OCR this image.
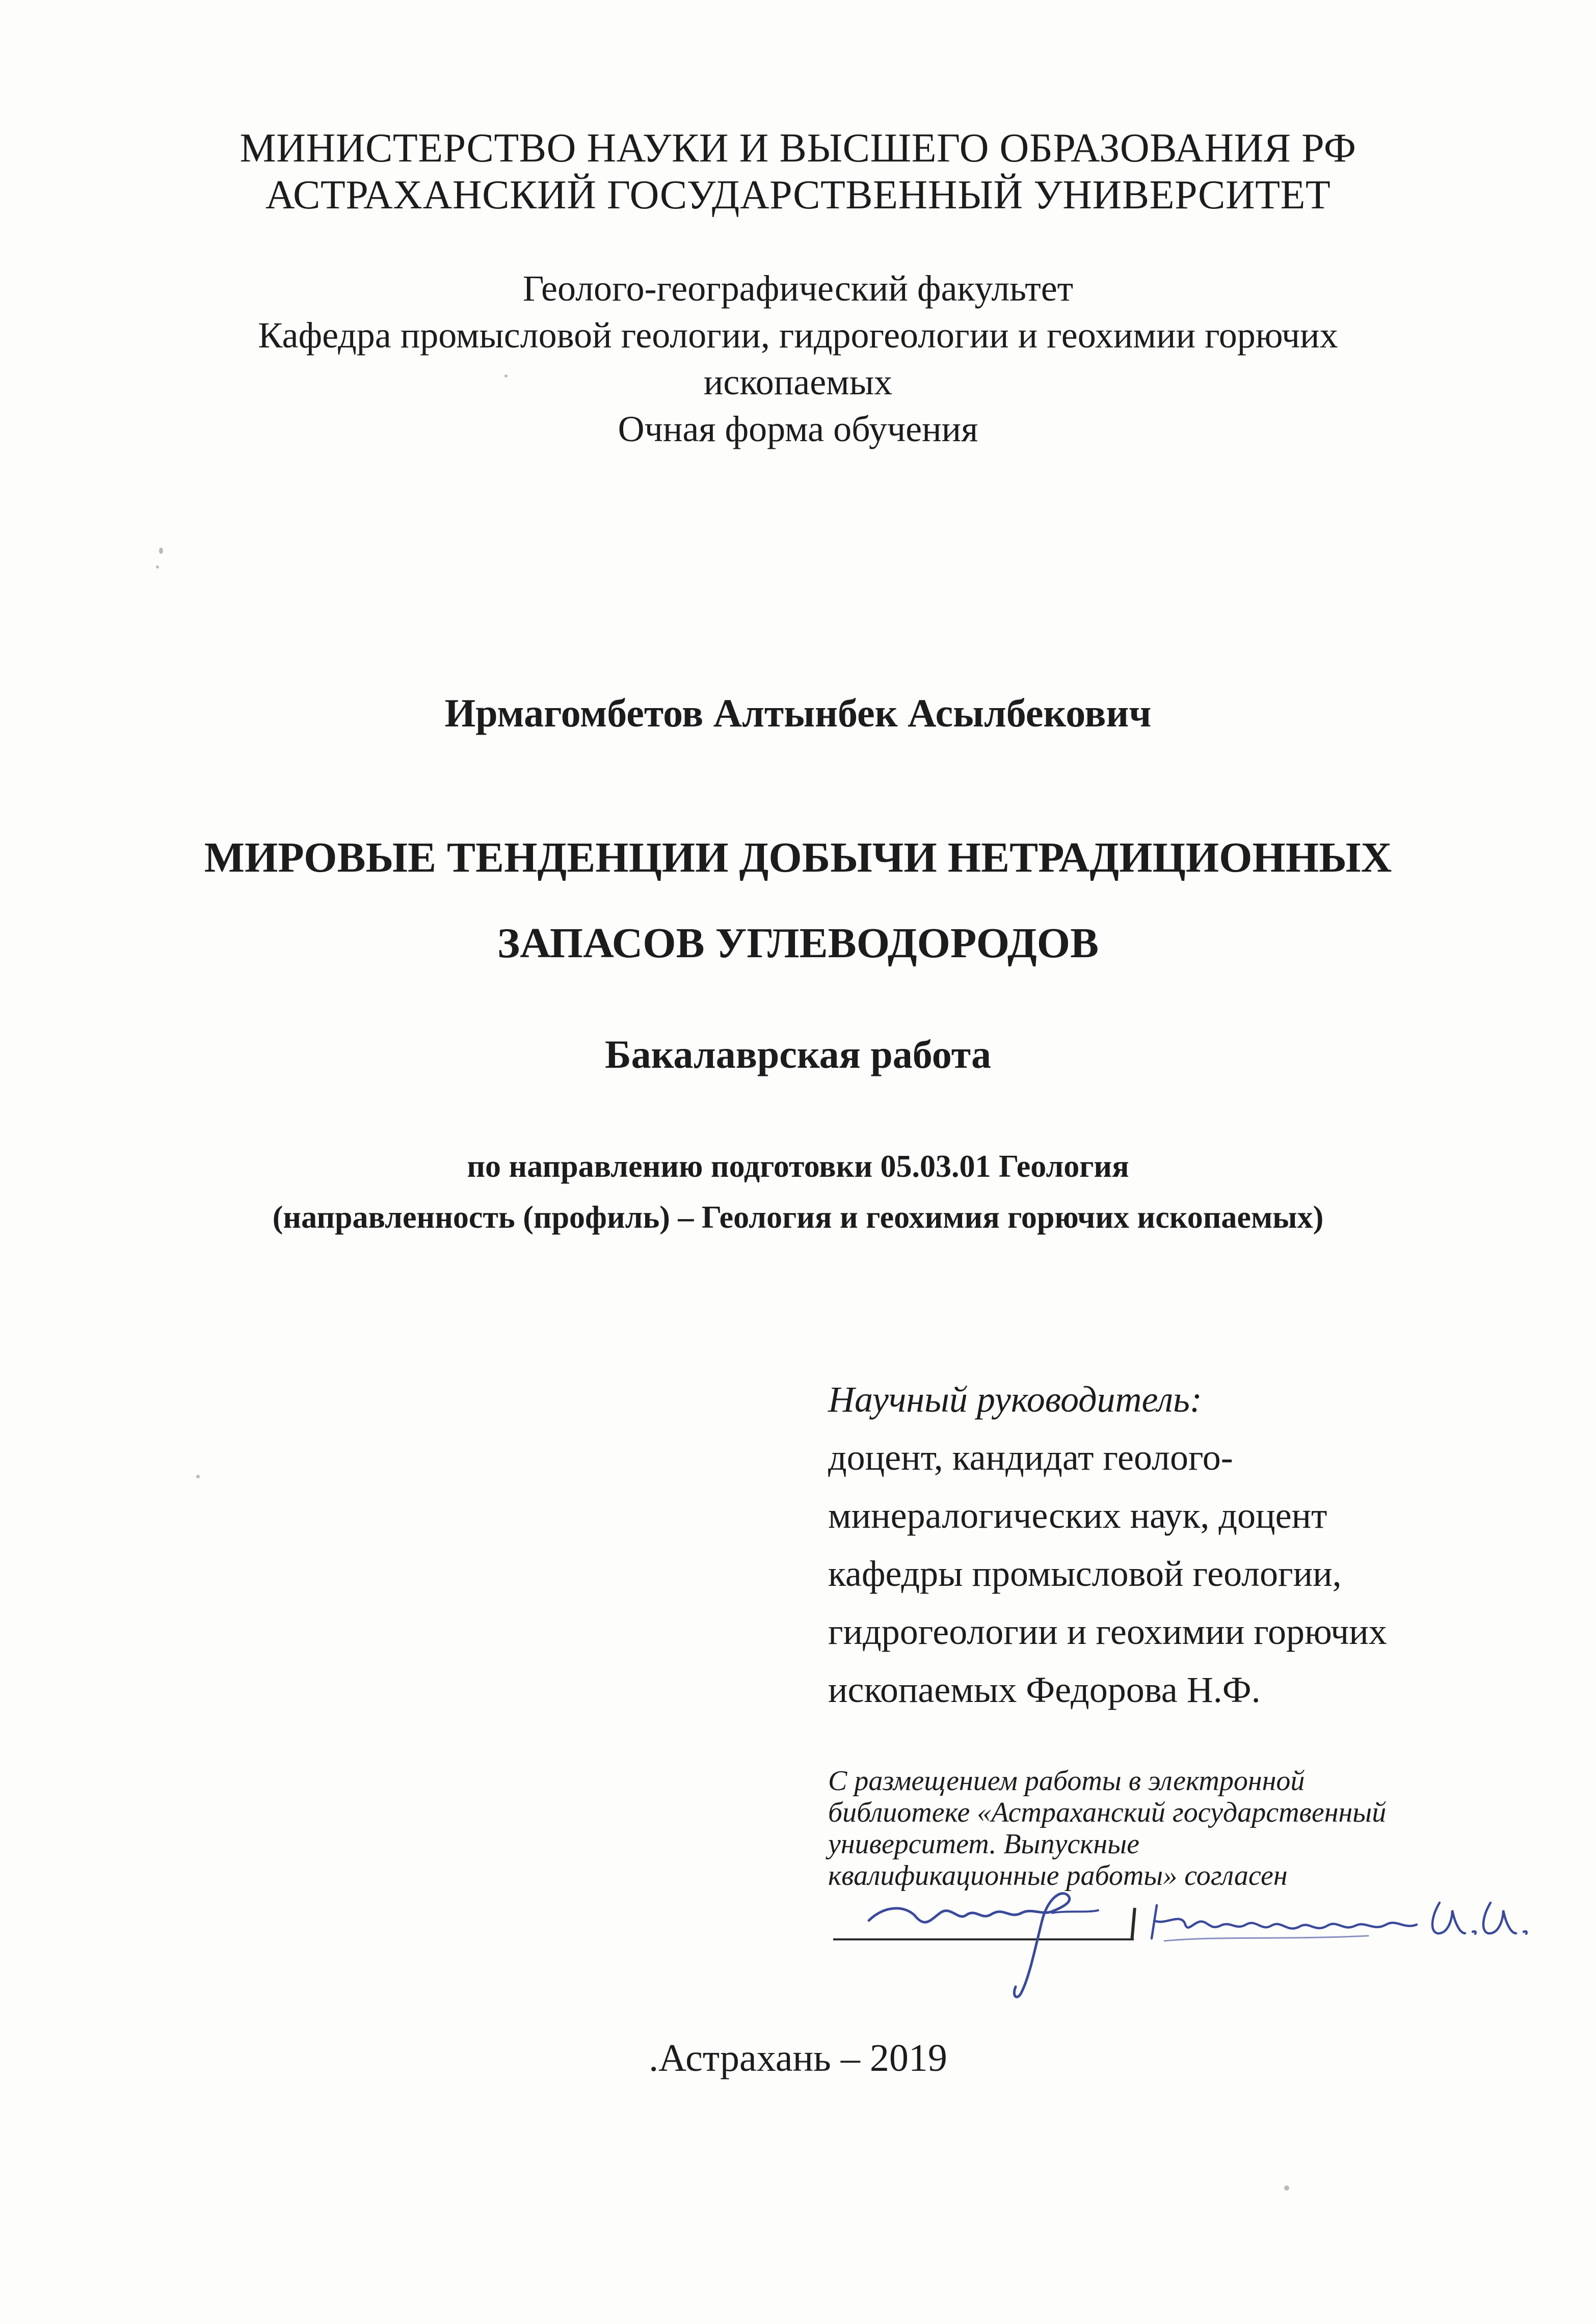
МИНИСТЕРСТВО НАУКИ И ВЫСШЕГО ОБРАЗОВАНИЯ РФ
АСТРАХАНСКИЙ ГОСУДАРСТВЕННЫЙ УНИВЕРСИТЕТ
Геолого-географический факультет
Кафедра промысловой геологии, гидрогеологии и геохимии горючих
ископаемых
Очная форма обучения
Ирмагомбетов Алтынбек Асылбекович
МИРОВЫЕ ТЕНДЕНЦИИ ДОБЫЧИ НЕТРАДИЦИОННЫХ
ЗАПАСОВ УГЛЕВОДОРОДОВ
Бакалаврская работа
по направлению подготовки 05.03.01 Геология
(направленность (профиль) – Геология и геохимия горючих ископаемых)
Научный руководитель:
доцент, кандидат геолого-
минералогических наук, доцент
кафедры промысловой геологии,
гидрогеологии и геохимии горючих
ископаемых Федорова Н.Ф.
С размещением работы в электронной
библиотеке «Астраханский государственный
университет. Выпускные
квалификационные работы» согласен
.Астрахань – 2019
